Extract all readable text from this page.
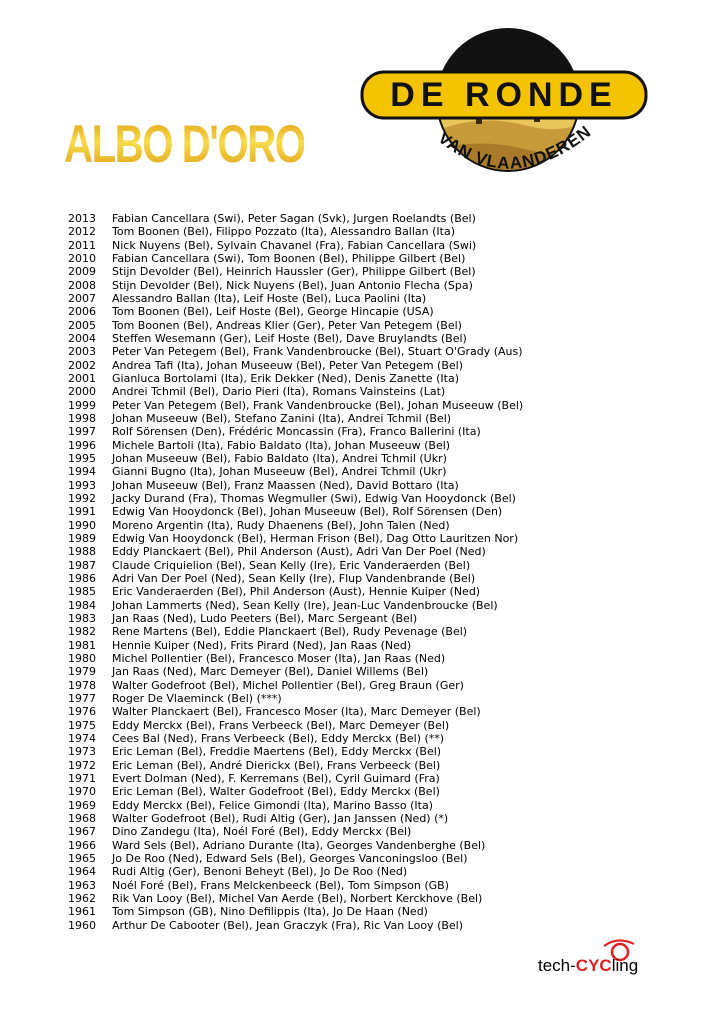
ALBO D'ORO
DE RONDE
VAN VLAANDEREN
2013	Fabian Cancellara (Swi), Peter Sagan (Svk), Jurgen Roelandts (Bel)
2012	Tom Boonen (Bel), Filippo Pozzato (Ita), Alessandro Ballan (Ita)
2011	Nick Nuyens (Bel), Sylvain Chavanel (Fra), Fabian Cancellara (Swi)
2010	Fabian Cancellara (Swi), Tom Boonen (Bel), Philippe Gilbert (Bel)
2009	Stijn Devolder (Bel), Heinrich Haussler (Ger), Philippe Gilbert (Bel)
2008	Stijn Devolder (Bel), Nick Nuyens (Bel), Juan Antonio Flecha (Spa)
2007	Alessandro Ballan (Ita), Leif Hoste (Bel), Luca Paolini (Ita)
2006	Tom Boonen (Bel), Leif Hoste (Bel), George Hincapie (USA)
2005	Tom Boonen (Bel), Andreas Klier (Ger), Peter Van Petegem (Bel)
2004	Steffen Wesemann (Ger), Leif Hoste (Bel), Dave Bruylandts (Bel)
2003	Peter Van Petegem (Bel), Frank Vandenbroucke (Bel), Stuart O'Grady (Aus)
2002	Andrea Tafi (Ita), Johan Museeuw (Bel), Peter Van Petegem (Bel)
2001	Gianluca Bortolami (Ita), Erik Dekker (Ned), Denis Zanette (Ita)
2000	Andrei Tchmil (Bel), Dario Pieri (Ita), Romans Vainsteins (Lat)
1999	Peter Van Petegem (Bel), Frank Vandenbroucke (Bel), Johan Museeuw (Bel)
1998	Johan Museeuw (Bel), Stefano Zanini (Ita), Andrei Tchmil (Bel)
1997	Rolf Sörensen (Den), Frédéric Moncassin (Fra), Franco Ballerini (Ita)
1996	Michele Bartoli (Ita), Fabio Baldato (Ita), Johan Museeuw (Bel)
1995	Johan Museeuw (Bel), Fabio Baldato (Ita), Andrei Tchmil (Ukr)
1994	Gianni Bugno (Ita), Johan Museeuw (Bel), Andrei Tchmil (Ukr)
1993	Johan Museeuw (Bel), Franz Maassen (Ned), David Bottaro (Ita)
1992	Jacky Durand (Fra), Thomas Wegmuller (Swi), Edwig Van Hooydonck (Bel)
1991	Edwig Van Hooydonck (Bel), Johan Museeuw (Bel), Rolf Sörensen (Den)
1990	Moreno Argentin (Ita), Rudy Dhaenens (Bel), John Talen (Ned)
1989	Edwig Van Hooydonck (Bel), Herman Frison (Bel), Dag Otto Lauritzen Nor)
1988	Eddy Planckaert (Bel), Phil Anderson (Aust), Adri Van Der Poel (Ned)
1987	Claude Criquielion (Bel), Sean Kelly (Ire), Eric Vanderaerden (Bel)
1986	Adri Van Der Poel (Ned), Sean Kelly (Ire), Flup Vandenbrande (Bel)
1985	Eric Vanderaerden (Bel), Phil Anderson (Aust), Hennie Kuiper (Ned)
1984	Johan Lammerts (Ned), Sean Kelly (Ire), Jean-Luc Vandenbroucke (Bel)
1983	Jan Raas (Ned), Ludo Peeters (Bel), Marc Sergeant (Bel)
1982	Rene Martens (Bel), Eddie Planckaert (Bel), Rudy Pevenage (Bel)
1981	Hennie Kuiper (Ned), Frits Pirard (Ned), Jan Raas (Ned)
1980	Michel Pollentier (Bel), Francesco Moser (Ita), Jan Raas (Ned)
1979	Jan Raas (Ned), Marc Demeyer (Bel), Daniel Willems (Bel)
1978	Walter Godefroot (Bel), Michel Pollentier (Bel), Greg Braun (Ger)
1977	Roger De Vlaeminck (Bel) (***)
1976	Walter Planckaert (Bel), Francesco Moser (Ita), Marc Demeyer (Bel)
1975	Eddy Merckx (Bel), Frans Verbeeck (Bel), Marc Demeyer (Bel)
1974	Cees Bal (Ned), Frans Verbeeck (Bel), Eddy Merckx (Bel) (**)
1973	Eric Leman (Bel), Freddie Maertens (Bel), Eddy Merckx (Bel)
1972	Eric Leman (Bel), André Dierickx (Bel), Frans Verbeeck (Bel)
1971	Evert Dolman (Ned), F. Kerremans (Bel), Cyril Guimard (Fra)
1970	Eric Leman (Bel), Walter Godefroot (Bel), Eddy Merckx (Bel)
1969	Eddy Merckx (Bel), Felice Gimondi (Ita), Marino Basso (Ita)
1968	Walter Godefroot (Bel), Rudi Altig (Ger), Jan Janssen (Ned) (*)
1967	Dino Zandegu (Ita), Noél Foré (Bel), Eddy Merckx (Bel)
1966	Ward Sels (Bel), Adriano Durante (Ita), Georges Vandenberghe (Bel)
1965	Jo De Roo (Ned), Edward Sels (Bel), Georges Vanconingsloo (Bel)
1964	Rudi Altig (Ger), Benoni Beheyt (Bel), Jo De Roo (Ned)
1963	Noél Foré (Bel), Frans Melckenbeeck (Bel), Tom Simpson (GB)
1962	Rik Van Looy (Bel), Michel Van Aerde (Bel), Norbert Kerckhove (Bel)
1961	Tom Simpson (GB), Nino Defilippis (Ita), Jo De Haan (Ned)
1960	Arthur De Cabooter (Bel), Jean Graczyk (Fra), Ric Van Looy (Bel)
tech-CYCling
